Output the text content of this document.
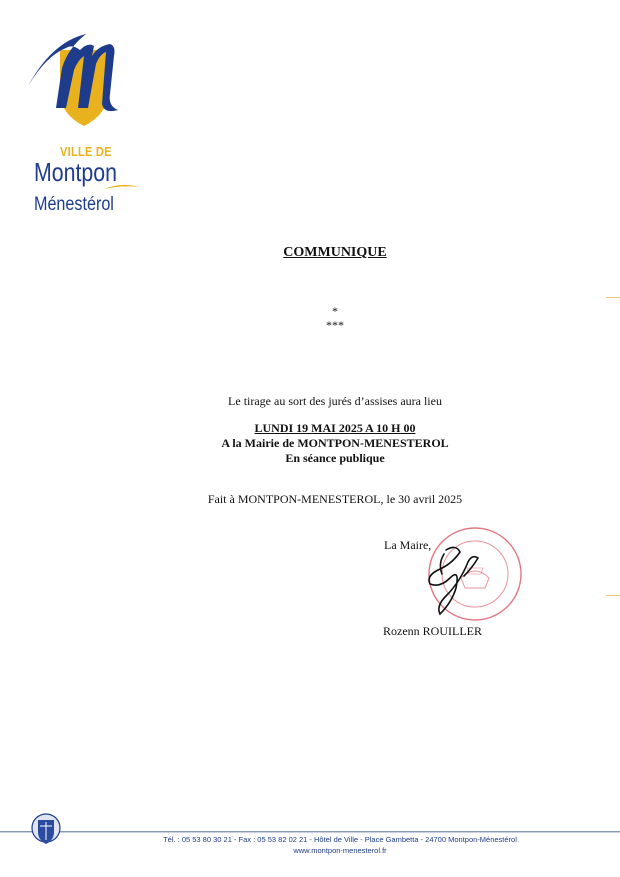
VILLE DE
Montpon
Ménestérol
COMMUNIQUE
*
***
Le tirage au sort des jurés d’assises aura lieu
LUNDI 19 MAI 2025 A 10 H 00
A la Mairie de MONTPON-MENESTEROL
En séance publique
Fait à MONTPON-MENESTEROL, le 30 avril 2025
La Maire,
Rozenn ROUILLER
Tél. : 05 53 80 30 21 - Fax : 05 53 82 02 21 - Hôtel de Ville - Place Gambetta - 24700 Montpon-Ménestérol
www.montpon-menesterol.fr
